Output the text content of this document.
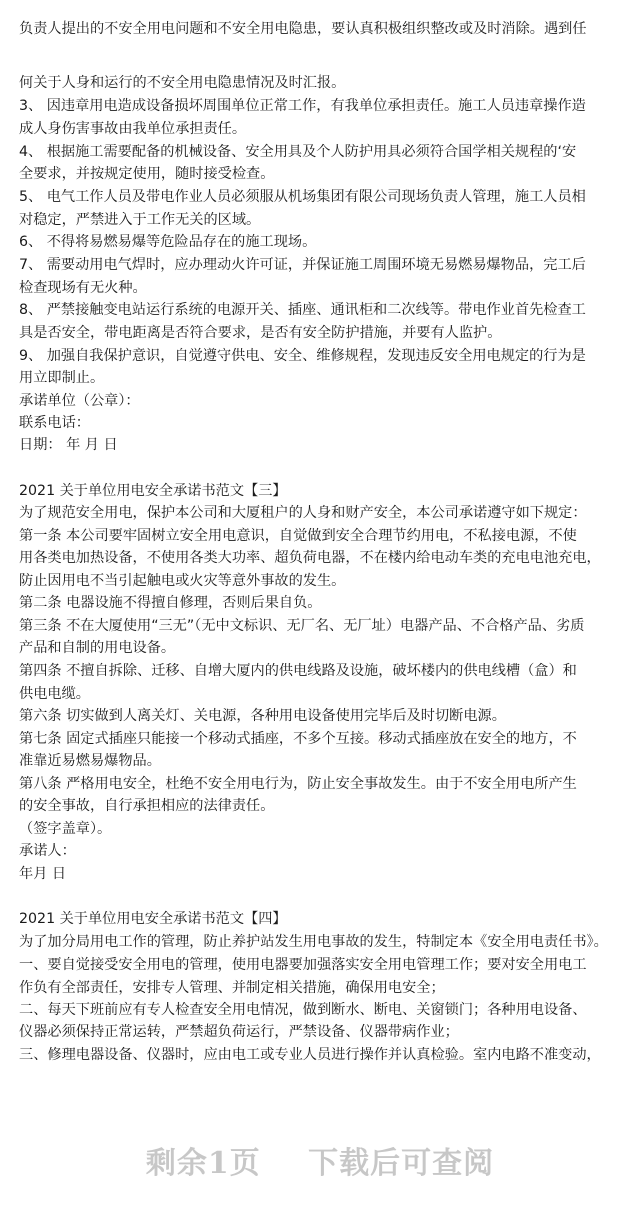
负责人提出的不安全用电问题和不安全用电隐患，要认真积极组织整改或及时消除。遇到任
何关于人身和运行的不安全用电隐患情况及时汇报。
3、 因违章用电造成设备损坏周围单位正常工作，有我单位承担责任。施工人员违章操作造
成人身伤害事故由我单位承担责任。
4、 根据施工需要配备的机械设备、安全用具及个人防护用具必须符合国学相关规程的‘安
全要求，并按规定使用，随时接受检查。
5、 电气工作人员及带电作业人员必须服从机场集团有限公司现场负责人管理，施工人员相
对稳定，严禁进入于工作无关的区域。
6、 不得将易燃易爆等危险品存在的施工现场。
7、 需要动用电气焊时，应办理动火许可证，并保证施工周围环境无易燃易爆物品，完工后
检查现场有无火种。
8、 严禁接触变电站运行系统的电源开关、插座、通讯柜和二次线等。带电作业首先检查工
具是否安全，带电距离是否符合要求，是否有安全防护措施，并要有人监护。
9、 加强自我保护意识，自觉遵守供电、安全、维修规程，发现违反安全用电规定的行为是
用立即制止。
承诺单位（公章）：
联系电话：
日期： 年 月 日
2021 关于单位用电安全承诺书范文【三】
为了规范安全用电，保护本公司和大厦租户的人身和财产安全，本公司承诺遵守如下规定：
第一条 本公司要牢固树立安全用电意识，自觉做到安全合理节约用电，不私接电源，不使
用各类电加热设备，不使用各类大功率、超负荷电器，不在楼内给电动车类的充电电池充电，
防止因用电不当引起触电或火灾等意外事故的发生。
第二条 电器设施不得擅自修理，否则后果自负。
第三条 不在大厦使用“三无”（无中文标识、无厂名、无厂址）电器产品、不合格产品、劣质
产品和自制的用电设备。
第四条 不擅自拆除、迁移、自增大厦内的供电线路及设施，破坏楼内的供电线槽（盒）和
供电电缆。
第六条 切实做到人离关灯、关电源，各种用电设备使用完毕后及时切断电源。
第七条 固定式插座只能接一个移动式插座，不多个互接。移动式插座放在安全的地方，不
准靠近易燃易爆物品。
第八条 严格用电安全，杜绝不安全用电行为，防止安全事故发生。由于不安全用电所产生
的安全事故，自行承担相应的法律责任。
（签字盖章）。
承诺人：
年月 日
2021 关于单位用电安全承诺书范文【四】
为了加分局用电工作的管理，防止养护站发生用电事故的发生，特制定本《安全用电责任书》。
一、要自觉接受安全用电的管理，使用电器要加强落实安全用电管理工作；要对安全用电工
作负有全部责任，安排专人管理、并制定相关措施，确保用电安全；
二、每天下班前应有专人检查安全用电情况，做到断水、断电、关窗锁门；各种用电设备、
仪器必须保持正常运转，严禁超负荷运行，严禁设备、仪器带病作业；
三、修理电器设备、仪器时，应由电工或专业人员进行操作并认真检验。室内电路不准变动，
剩余1页 下载后可查阅
